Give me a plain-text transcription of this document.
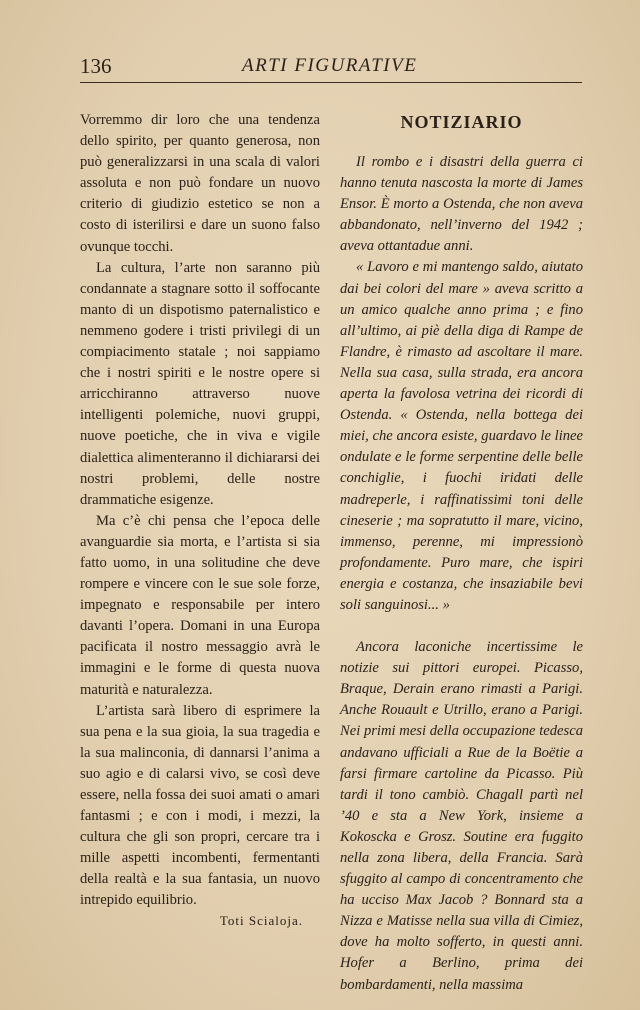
136	ARTI FIGURATIVE

Vorremmo dir loro che una tendenza dello spirito, per quanto generosa, non può generalizzarsi in una scala di valori assoluta e non può fondare un nuovo criterio di giudizio estetico se non a costo di isterilirsi e dare un suono falso ovunque tocchi.

La cultura, l’arte non saranno più condannate a stagnare sotto il soffocante manto di un dispotismo paternalistico e nemmeno godere i tristi privilegi di un compiacimento statale ; noi sappiamo che i nostri spiriti e le nostre opere si arricchiranno attraverso nuove intelligenti polemiche, nuovi gruppi, nuove poetiche, che in viva e vigile dialettica alimenteranno il dichiararsi dei nostri problemi, delle nostre drammatiche esigenze.

Ma c’è chi pensa che l’epoca delle avanguardie sia morta, e l’artista si sia fatto uomo, in una solitudine che deve rompere e vincere con le sue sole forze, impegnato e responsabile per intero davanti l’opera. Domani in una Europa pacificata il nostro messaggio avrà le immagini e le forme di questa nuova maturità e naturalezza.

L’artista sarà libero di esprimere la sua pena e la sua gioia, la sua tragedia e la sua malinconia, di dannarsi l’anima a suo agio e di calarsi vivo, se così deve essere, nella fossa dei suoi amati o amari fantasmi ; e con i modi, i mezzi, la cultura che gli son propri, cercare tra i mille aspetti incombenti, fermentanti della realtà e la sua fantasia, un nuovo intrepido equilibrio.

Toti Scialoja.
NOTIZIARIO

Il rombo e i disastri della guerra ci hanno tenuta nascosta la morte di James Ensor. È morto a Ostenda, che non aveva abbandonato, nell’inverno del 1942 ; aveva ottantadue anni.

« Lavoro e mi mantengo saldo, aiutato dai bei colori del mare » aveva scritto a un amico qualche anno prima ; e fino all’ultimo, ai piè della diga di Rampe de Flandre, è rimasto ad ascoltare il mare. Nella sua casa, sulla strada, era ancora aperta la favolosa vetrina dei ricordi di Ostenda. « Ostenda, nella bottega dei miei, che ancora esiste, guardavo le linee ondulate e le forme serpentine delle belle conchiglie, i fuochi iridati delle madreperle, i raffinatissimi toni delle cineserie ; ma sopratutto il mare, vicino, immenso, perenne, mi impressionò profondamente. Puro mare, che ispiri energia e costanza, che insaziabile bevi soli sanguinosi... »

Ancora laconiche incertissime le notizie sui pittori europei. Picasso, Braque, Derain erano rimasti a Parigi. Anche Rouault e Utrillo, erano a Parigi. Nei primi mesi della occupazione tedesca andavano ufficiali a Rue de la Boëtie a farsi firmare cartoline da Picasso. Più tardi il tono cambiò. Chagall partì nel ’40 e sta a New York, insieme a Kokoscka e Grosz. Soutine era fuggito nella zona libera, della Francia. Sarà sfuggito al campo di concentramento che ha ucciso Max Jacob ? Bonnard sta a Nizza e Matisse nella sua villa di Cimiez, dove ha molto sofferto, in questi anni. Hofer a Berlino, prima dei bombardamenti, nella massima
